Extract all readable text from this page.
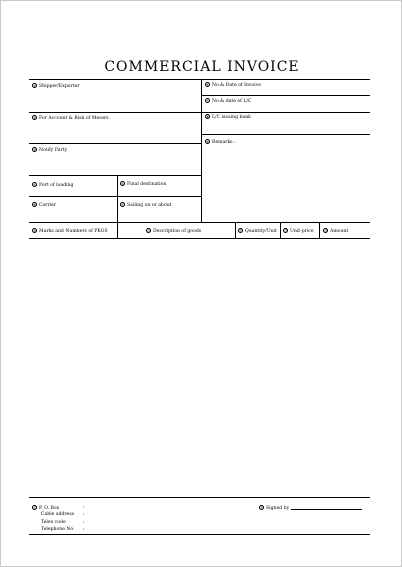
COMMERCIAL INVOICE
① Shipper/Exporter	⑥ No.& Date of Invoice
⑦ No.& date of L/C
② For Account & Risk of Messrs.	⑧ L/C issuing bank
③ Notify Party
⑨ Remarks :
④ Port of loading	⑤ Final destination
⑥ Carrier	⑦ Sailing on or about
⑩ Marks and Numbers of PKGS	⑪ Description of goods	⑫ Quantity/Unit ⑬ Unit-price	⑭ Amount
⑮ P. O. Box	:
Cable address :
Telex code	:
Telephone No. :
⑯ Signed by
